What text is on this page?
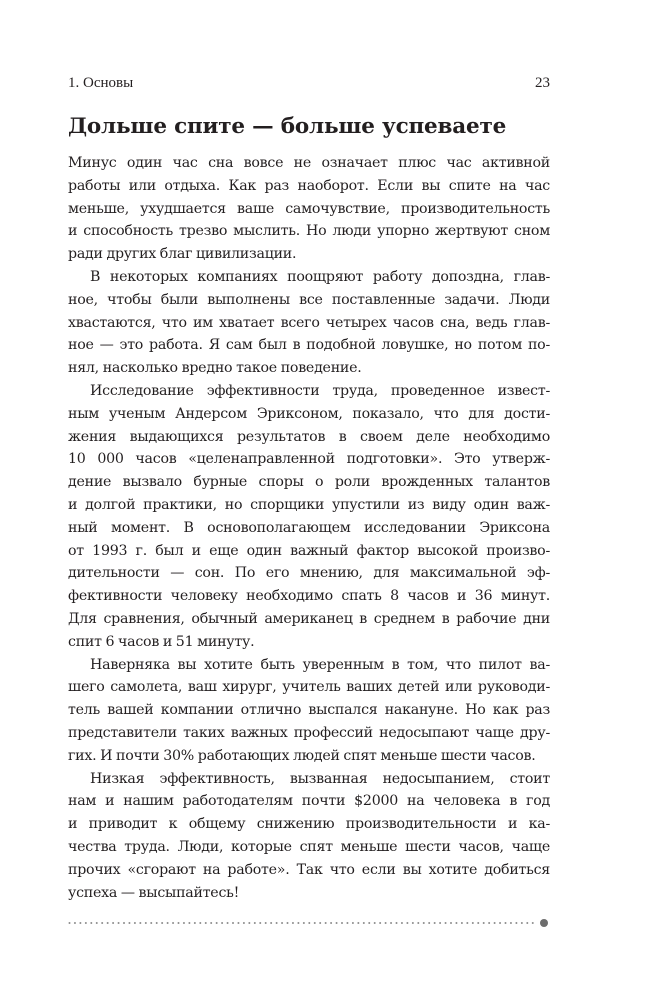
1. Основы	23
Дольше спите — больше успеваете

Минус один час сна вовсе не означает плюс час активной
работы или отдыха. Как раз наоборот. Если вы спите на час
меньше, ухудшается ваше самочувствие, производительность
и способность трезво мыслить. Но люди упорно жертвуют сном
ради других благ цивилизации.

В некоторых компаниях поощряют работу допоздна, глав-
ное, чтобы были выполнены все поставленные задачи. Люди
хвастаются, что им хватает всего четырех часов сна, ведь глав-
ное — это работа. Я сам был в подобной ловушке, но потом по-
нял, насколько вредно такое поведение.

Исследование эффективности труда, проведенное извест-
ным ученым Андерсом Эриксоном, показало, что для дости-
жения выдающихся результатов в своем деле необходимо
10 000 часов «целенаправленной подготовки». Это утверж-
дение вызвало бурные споры о роли врожденных талантов
и долгой практики, но спорщики упустили из виду один важ-
ный момент. В основополагающем исследовании Эриксона
от 1993 г. был и еще один важный фактор высокой произво-
дительности — сон. По его мнению, для максимальной эф-
фективности человеку необходимо спать 8 часов и 36 минут.
Для сравнения, обычный американец в среднем в рабочие дни
спит 6 часов и 51 минуту.

Наверняка вы хотите быть уверенным в том, что пилот ва-
шего самолета, ваш хирург, учитель ваших детей или руководи-
тель вашей компании отлично выспался накануне. Но как раз
представители таких важных профессий недосыпают чаще дру-
гих. И почти 30% работающих людей спят меньше шести часов.

Низкая эффективность, вызванная недосыпанием, стоит
нам и нашим работодателям почти $2000 на человека в год
и приводит к общему снижению производительности и ка-
чества труда. Люди, которые спят меньше шести часов, чаще
прочих «сгорают на работе». Так что если вы хотите добиться
успеха — высыпайтесь!
